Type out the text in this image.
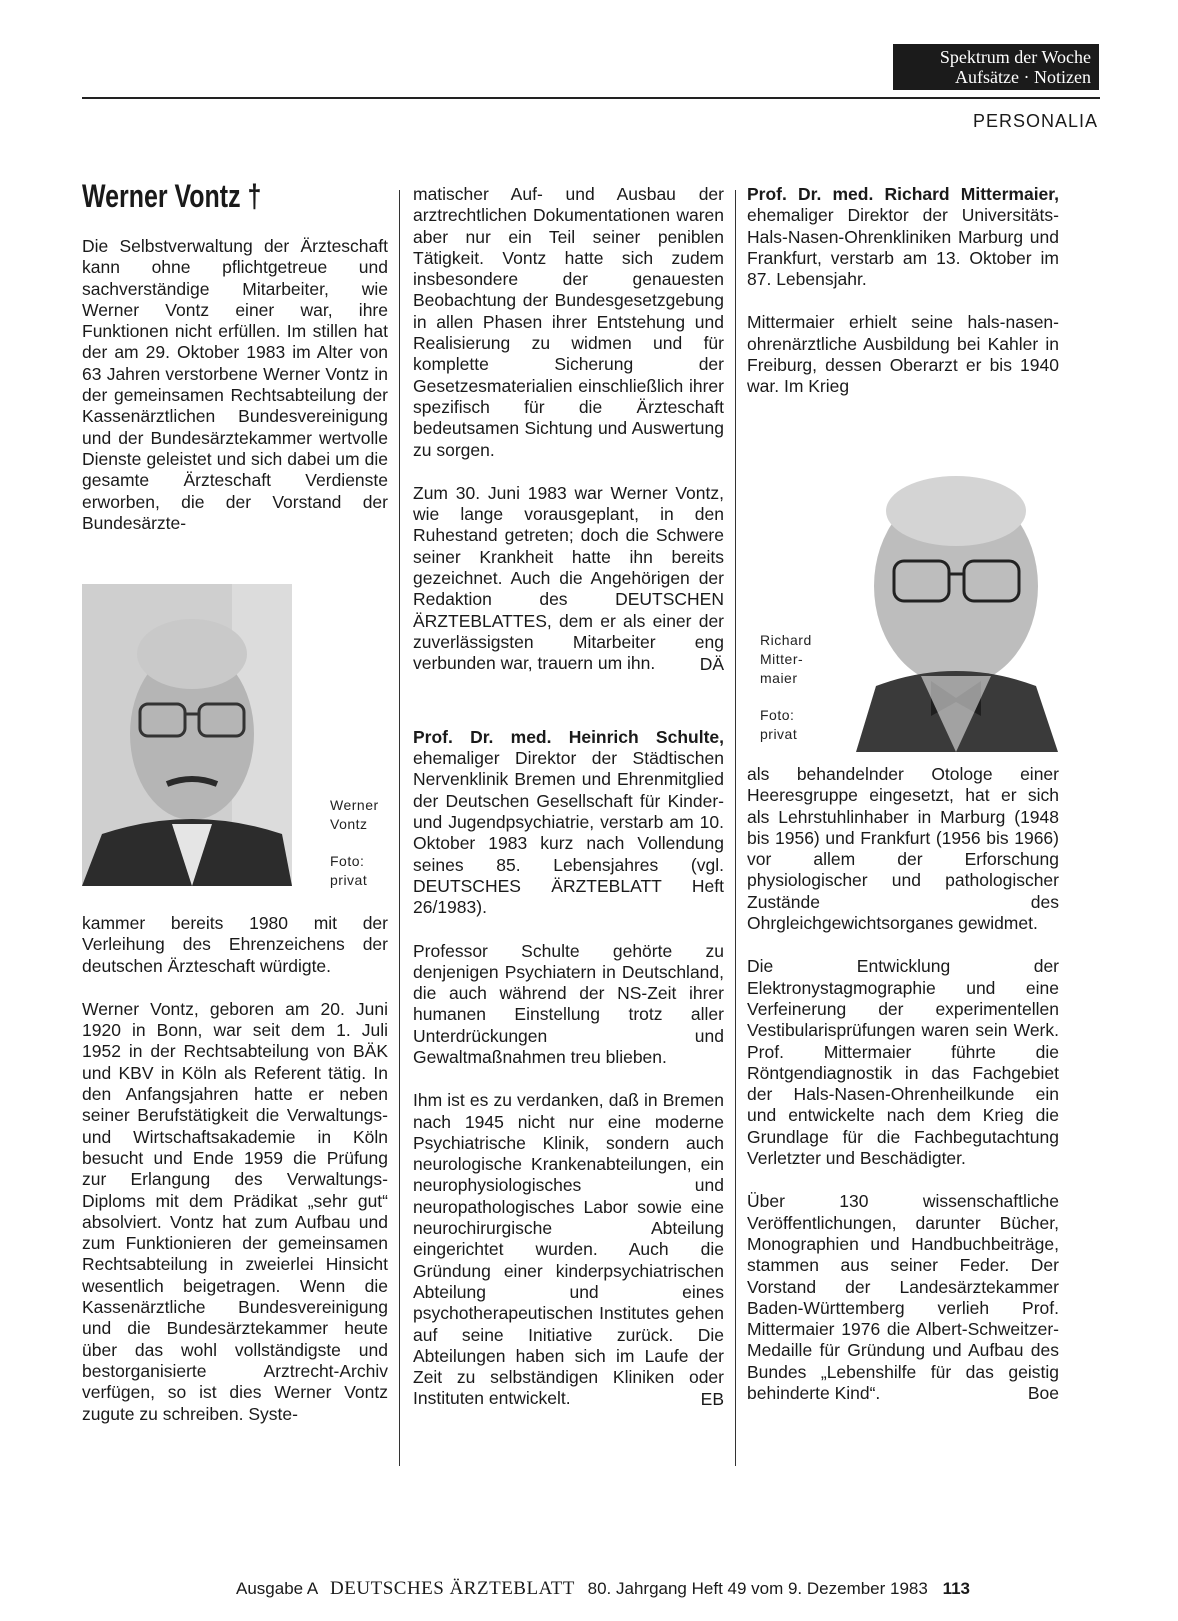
Spektrum der Woche
Aufsätze · Notizen
PERSONALIA
Werner Vontz †

Die Selbstverwaltung der Ärzteschaft kann ohne pflichtgetreue und sachverständige Mitarbeiter, wie Werner Vontz einer war, ihre Funktionen nicht erfüllen. Im stillen hat der am 29. Oktober 1983 im Alter von 63 Jahren verstorbene Werner Vontz in der gemeinsamen Rechtsabteilung der Kassenärztlichen Bundesvereinigung und der Bundesärztekammer wertvolle Dienste geleistet und sich dabei um die gesamte Ärzteschaft Verdienste erworben, die der Vorstand der Bundesärzte-

Werner Vontz
Foto: privat

kammer bereits 1980 mit der Verleihung des Ehrenzeichens der deutschen Ärzteschaft würdigte.

Werner Vontz, geboren am 20. Juni 1920 in Bonn, war seit dem 1. Juli 1952 in der Rechtsabteilung von BÄK und KBV in Köln als Referent tätig. In den Anfangsjahren hatte er neben seiner Berufstätigkeit die Verwaltungs- und Wirtschaftsakademie in Köln besucht und Ende 1959 die Prüfung zur Erlangung des Verwaltungs-Diploms mit dem Prädikat „sehr gut“ absolviert. Vontz hat zum Aufbau und zum Funktionieren der gemeinsamen Rechtsabteilung in zweierlei Hinsicht wesentlich beigetragen. Wenn die Kassenärztliche Bundesvereinigung und die Bundesärztekammer heute über das wohl vollständigste und bestorganisierte Arztrecht-Archiv verfügen, so ist dies Werner Vontz zugute zu schreiben. Syste-

matischer Auf- und Ausbau der arztrechtlichen Dokumentationen waren aber nur ein Teil seiner peniblen Tätigkeit. Vontz hatte sich zudem insbesondere der genauesten Beobachtung der Bundesgesetzgebung in allen Phasen ihrer Entstehung und Realisierung zu widmen und für komplette Sicherung der Gesetzesmaterialien einschließlich ihrer spezifisch für die Ärzteschaft bedeutsamen Sichtung und Auswertung zu sorgen.

Zum 30. Juni 1983 war Werner Vontz, wie lange vorausgeplant, in den Ruhestand getreten; doch die Schwere seiner Krankheit hatte ihn bereits gezeichnet. Auch die Angehörigen der Redaktion des DEUTSCHEN ÄRZTEBLATTES, dem er als einer der zuverlässigsten Mitarbeiter eng verbunden war, trauern um ihn.	DÄ

Prof. Dr. med. Heinrich Schulte, ehemaliger Direktor der Städtischen Nervenklinik Bremen und Ehrenmitglied der Deutschen Gesellschaft für Kinder- und Jugendpsychiatrie, verstarb am 10. Oktober 1983 kurz nach Vollendung seines 85. Lebensjahres (vgl. DEUTSCHES ÄRZTEBLATT Heft 26/1983).

Professor Schulte gehörte zu denjenigen Psychiatern in Deutschland, die auch während der NS-Zeit ihrer humanen Einstellung trotz aller Unterdrückungen und Gewaltmaßnahmen treu blieben.

Ihm ist es zu verdanken, daß in Bremen nach 1945 nicht nur eine moderne Psychiatrische Klinik, sondern auch neurologische Krankenabteilungen, ein neurophysiologisches und neuropathologisches Labor sowie eine neurochirurgische Abteilung eingerichtet wurden. Auch die Gründung einer kinderpsychiatrischen Abteilung und eines psychotherapeutischen Institutes gehen auf seine Initiative zurück. Die Abteilungen haben sich im Laufe der Zeit zu selbständigen Kliniken oder Instituten entwickelt.	EB

Prof. Dr. med. Richard Mittermaier, ehemaliger Direktor der Universitäts-Hals-Nasen-Ohrenkliniken Marburg und Frankfurt, verstarb am 13. Oktober im 87. Lebensjahr.

Mittermaier erhielt seine hals-nasen-ohrenärztliche Ausbildung bei Kahler in Freiburg, dessen Oberarzt er bis 1940 war. Im Krieg

Richard Mitter-maier
Foto: privat

als behandelnder Otologe einer Heeresgruppe eingesetzt, hat er sich als Lehrstuhlinhaber in Marburg (1948 bis 1956) und Frankfurt (1956 bis 1966) vor allem der Erforschung physiologischer und pathologischer Zustände des Ohrgleichgewichtsorganes gewidmet.

Die Entwicklung der Elektronystagmographie und eine Verfeinerung der experimentellen Vestibularisprüfungen waren sein Werk. Prof. Mittermaier führte die Röntgendiagnostik in das Fachgebiet der Hals-Nasen-Ohrenheilkunde ein und entwickelte nach dem Krieg die Grundlage für die Fachbegutachtung Verletzter und Beschädigter.

Über 130 wissenschaftliche Veröffentlichungen, darunter Bücher, Monographien und Handbuchbeiträge, stammen aus seiner Feder. Der Vorstand der Landesärztekammer Baden-Württemberg verlieh Prof. Mittermaier 1976 die Albert-Schweitzer-Medaille für Gründung und Aufbau des Bundes „Lebenshilfe für das geistig behinderte Kind“.	Boe
Ausgabe A DEUTSCHES ÄRZTEBLATT 80. Jahrgang Heft 49 vom 9. Dezember 1983 113
